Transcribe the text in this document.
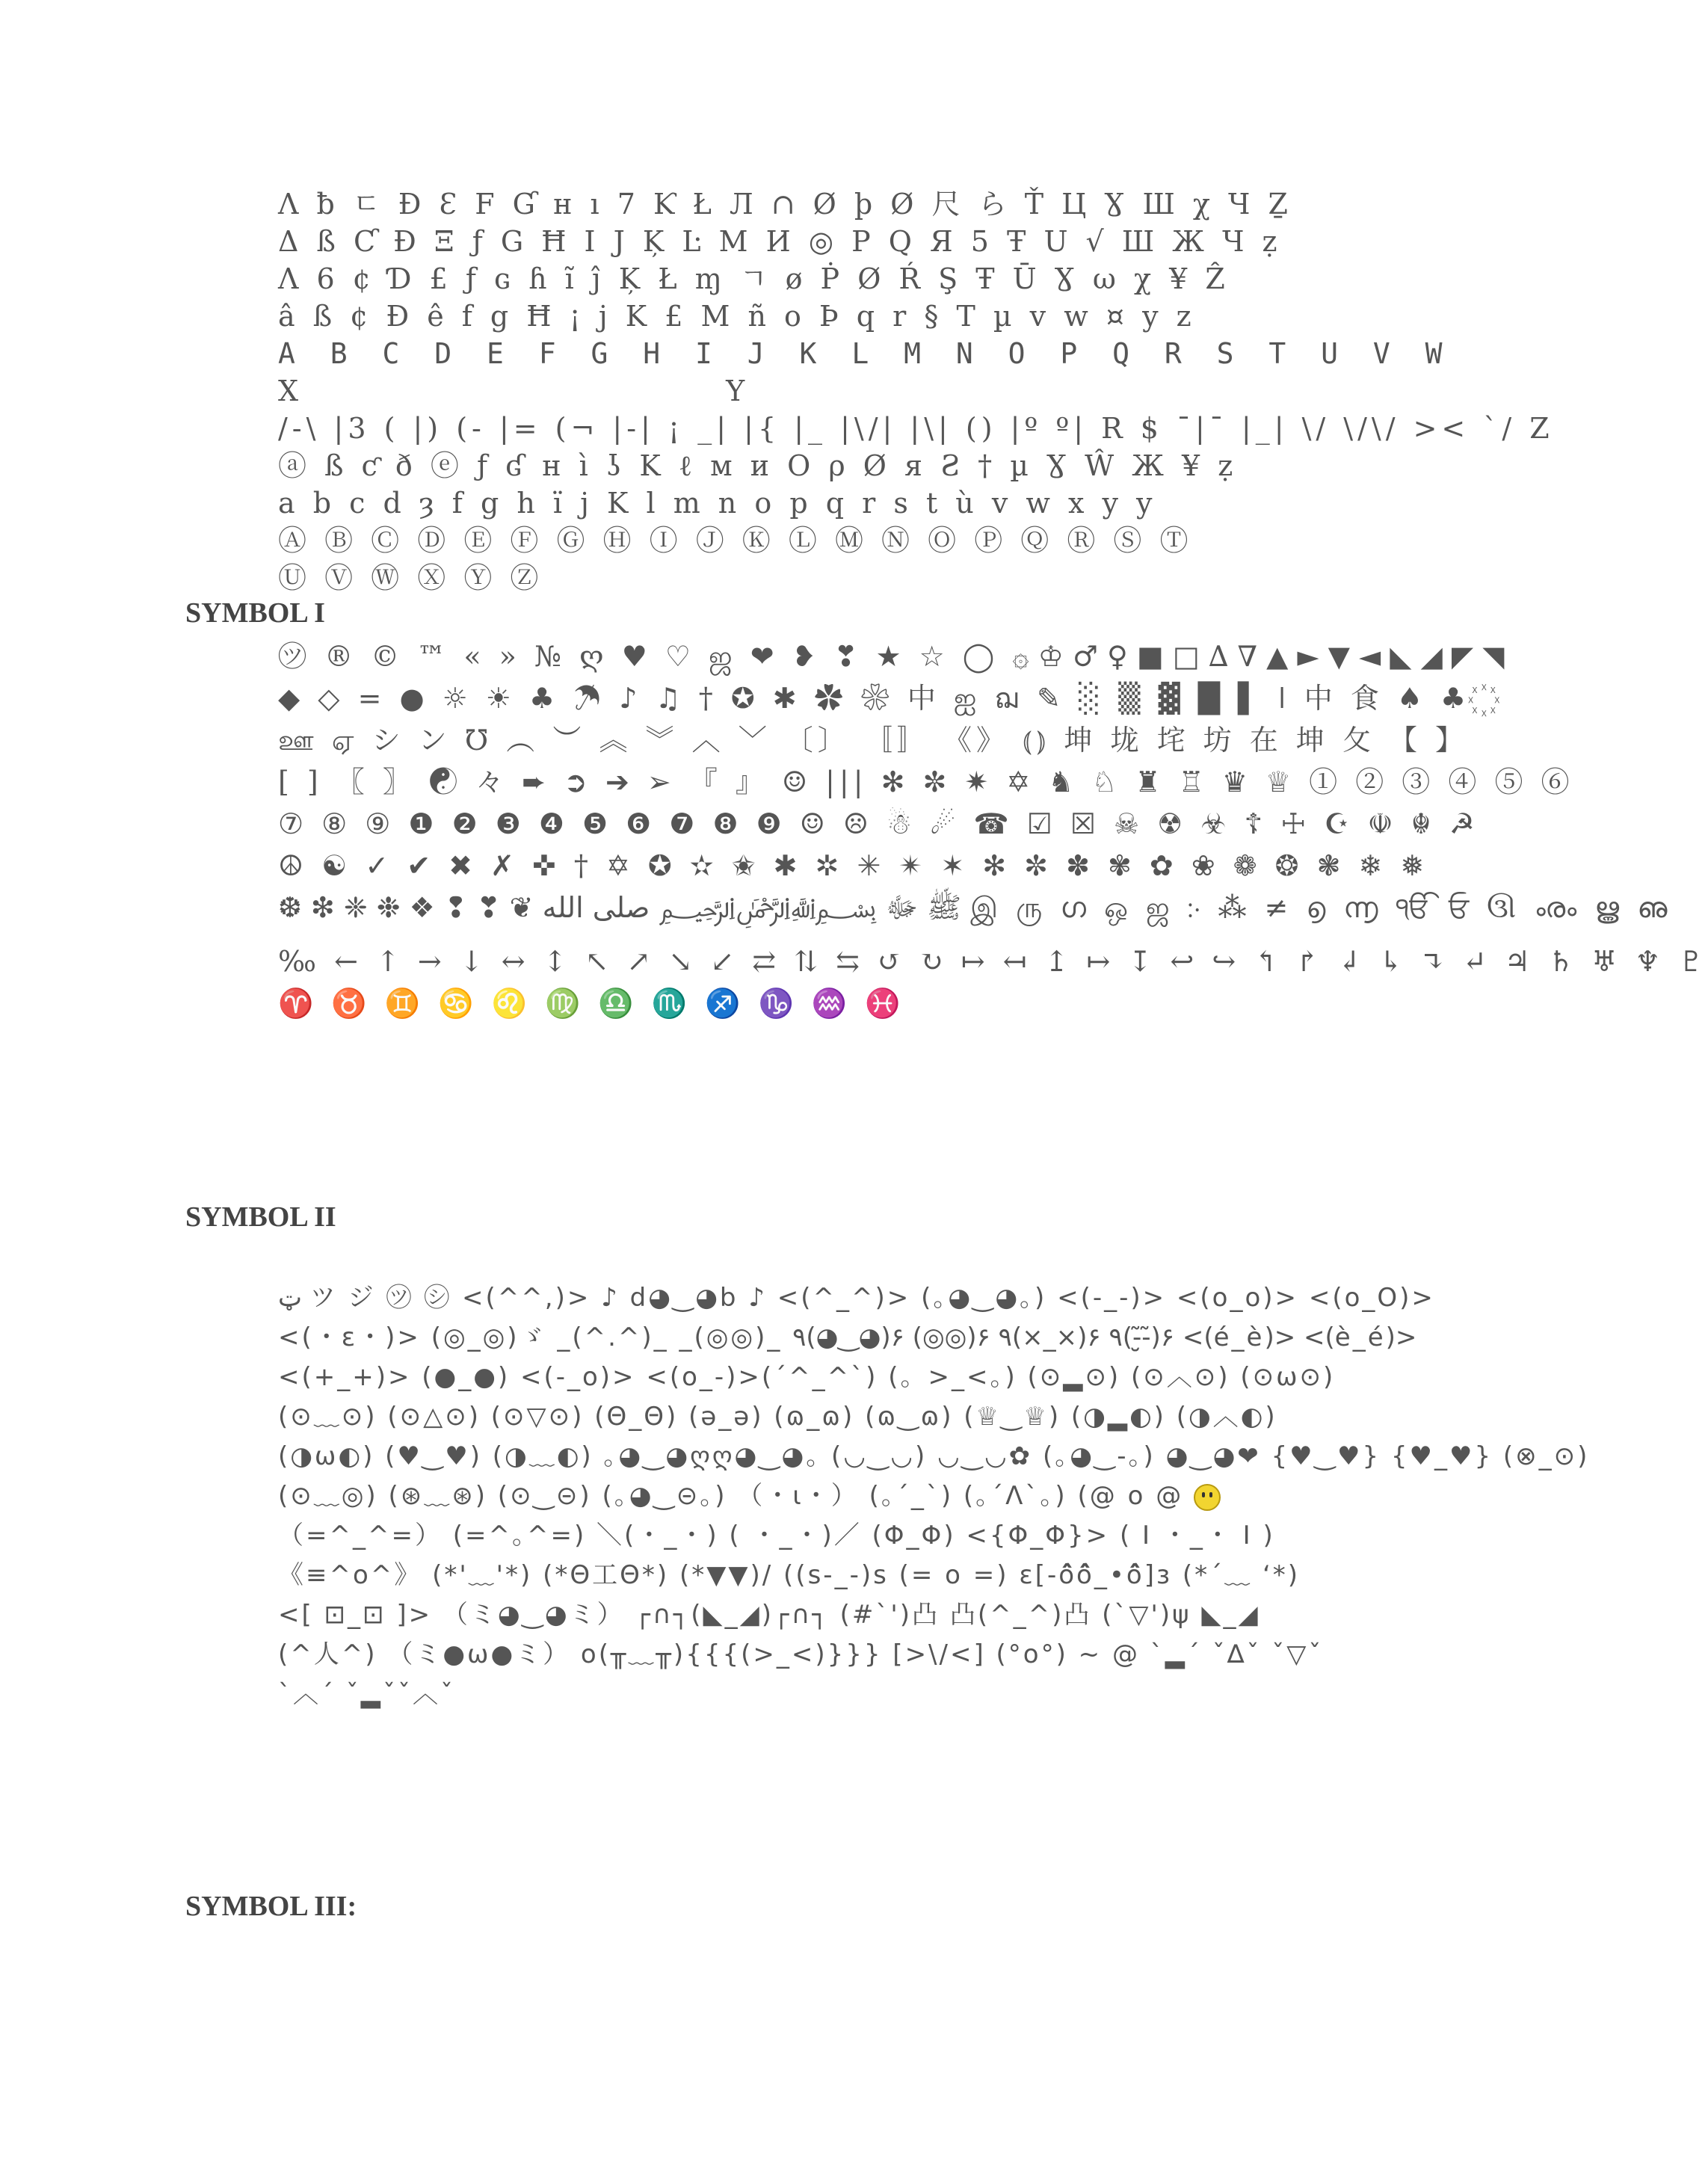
Λ ƀ ㄷ Ð Ɛ F Ɠ ʜ ı 7 Ƙ Ł Л ∩ Ø þ Ø 尺 ら Ť Ц Ɣ Ш χ Ч Ẕ
Δ ß Ƈ Ð Ξ ƒ G Ħ I J Ķ Ŀ M И ◎ P Q Я 5 Ŧ U √ Ш Ж Ч ẓ
Λ 6 ¢ Ɗ £ ƒ ɢ ɦ ĩ ĵ Ķ Ł ɱ ㄱ ø Ṗ Ø Ŕ Ş Ŧ Ū Ɣ ω χ ¥ Ẑ
â ß ¢ Ð ê f g Ħ ¡ j K £ M ñ o Þ q r § T µ v w ¤ y z
A B C D E F G H I J K L M N O P Q R S T U V W
X Y
/-\ |3 ( |) (- |= (¬ |-| ¡ _| |{ |_ |\/| |\| () |º º| R $ ¯|¯ |_| \/ \/\/ >< `/ Z
ⓐ ß ƈ ð ⓔ ƒ ʛ ʜ ì ʖ K ℓ м и Ο ρ Ø я Ƨ † µ Ɣ Ŵ Ж ¥ ẓ
a b c d ȝ f g h ï j K l m n o p q r s t ù v w x y y
Ⓐ Ⓑ Ⓒ Ⓓ Ⓔ Ⓕ Ⓖ Ⓗ Ⓘ Ⓙ Ⓚ Ⓛ Ⓜ Ⓝ Ⓞ Ⓟ Ⓠ Ⓡ Ⓢ Ⓣ
Ⓤ Ⓥ Ⓦ Ⓧ Ⓨ Ⓩ
SYMBOL I
㋡ ® © ™ « » № ღ ♥ ♡ ஜ ❤ ❥ ❣ ★ ☆ ◯ ۞ ♔ ♂ ♀ ■ □ ∆ ∇ ▲ ► ▼ ◄ ◣ ◢ ◤ ◥
◆ ◇ = ● ☼ ☀ ♣ ☂ ♪ ♫ † ✪ ✱ ✿ ❀ 中 ஐ ฌ ✎ ░ ▒ ▓ █ ▌ ǀ 中 食 ♠ ♣ ꙰
ஊ ஏ シ ン ℧ ︵ ︶ ︽ ︾ ︿ ﹀ 〔〕 〚〛 《》 ⦅⦆ 坤 垅 垞 坊 在 坤 攵 【 】
[ ] 〖 〗 ☯ 々 ➨ ➲ ➔ ➢ 『 』 ☺ ||| ✻ ✼ ✷ ✡ ♞ ♘ ♜ ♖ ♛ ♕ ① ② ③ ④ ⑤ ⑥
⑦ ⑧ ⑨ ❶ ❷ ❸ ❹ ❺ ❻ ❼ ❽ ❾ ☺ ☹ ☃ ☄ ☎ ☑ ☒ ☠ ☢ ☣ ☦ ☩ ☪ ☫ ☬ ☭
☮ ☯ ✓ ✔ ✖ ✗ ✜ † ✡ ✪ ✫ ✬ ✱ ✲ ✳ ✴ ✶ ✻ ✼ ✽ ✾ ✿ ❀ ❁ ❂ ❃ ❄ ❅
❆ ❇ ❈ ❉ ❖ ❢ ❣ ❦ ﷺ ﷻ ﷽ صلى الله இ ரு ഗ ஒ ஜ ჻ ⁂ ≠ ൭ ൬ ੴ ਓ ઊ ൟ ൠ ഌ
‰ ← ↑ → ↓ ↔ ↕ ↖ ↗ ↘ ↙ ⇄ ⇅ ⇆ ↺ ↻ ↦ ↤ ↥ ↦ ↧ ↩ ↪ ↰ ↱ ↲ ↳ ↴ ↵ ♃ ♄ ♅ ♆ ♇
♈ ♉ ♊ ♋ ♌ ♍ ♎ ♏ ♐ ♑ ♒ ♓
SYMBOL II
ټ ツ ジ ㋡ ㋛ <(^^,)> ♪ d◕‿◕b ♪ <(^_^)> (｡◕‿◕｡) <(-_-)> <(o_o)> <(o_O)>
<(・ε・)> (◎_◎)ゞ _(^.^)_ _(◎◎)_ ٩(◕‿◕)۶ (◎◎)۶ ٩(×_×)۶ ٩(-̮̮̃-̃)۶ <(é_è)> <(è_é)>
<(+_+)> (●_●) <(-_o)> <(o_-)>(´^_^`) (。>_<。) (⊙▂⊙) (⊙︿⊙) (⊙ω⊙)
(⊙﹏⊙) (⊙△⊙) (⊙▽⊙) (Θ_Θ) (ə_ə) (ɷ_ɷ) (ɷ‿ɷ) (♕‿♕) (◑▂◐) (◑︿◐)
(◑ω◐) (♥‿♥) (◑﹏◐) ｡◕‿◕ღღ◕‿◕｡ (◡‿◡) ◡‿◡✿ (｡◕‿-｡) ◕‿◕❤ {♥‿♥} {♥_♥} (⊗_⊙)
(⊙﹏◎) (⊛﹏⊛) (⊙‿⊝) (｡◕‿⊝｡) （・ι・） (｡´_`) (｡´Λ`｡) (@ o @
（=^_^=） (=^｡^=) ＼(・_・) ( ・_・)／ (Φ_Φ) <{Φ_Φ}> ( I ・_・ I )
《≡^o^》 (*'﹏'*) (*Θ工Θ*) (*▼▼)/ ((s-_-)s (= o =) ε[-ô̂ô̂_•ô̂]з (*´﹏ ‘*)
<[ ⊡_⊡ ]> （ミ◕‿◕ミ） ┌∩┐(◣_◢)┌∩┐ (#`')凸 凸(^_^)凸 (`▽')ψ ◣_◢
(^人^) （ミ●ω●ミ） o(╥﹏╥){{{(>_<)}}} [>\/<] (°o°) ~ @ `▂´ ˇ∆ˇ ˇ▽ˇ
`︿´ ˇ▂ˇˇ︿ˇ
SYMBOL III:
